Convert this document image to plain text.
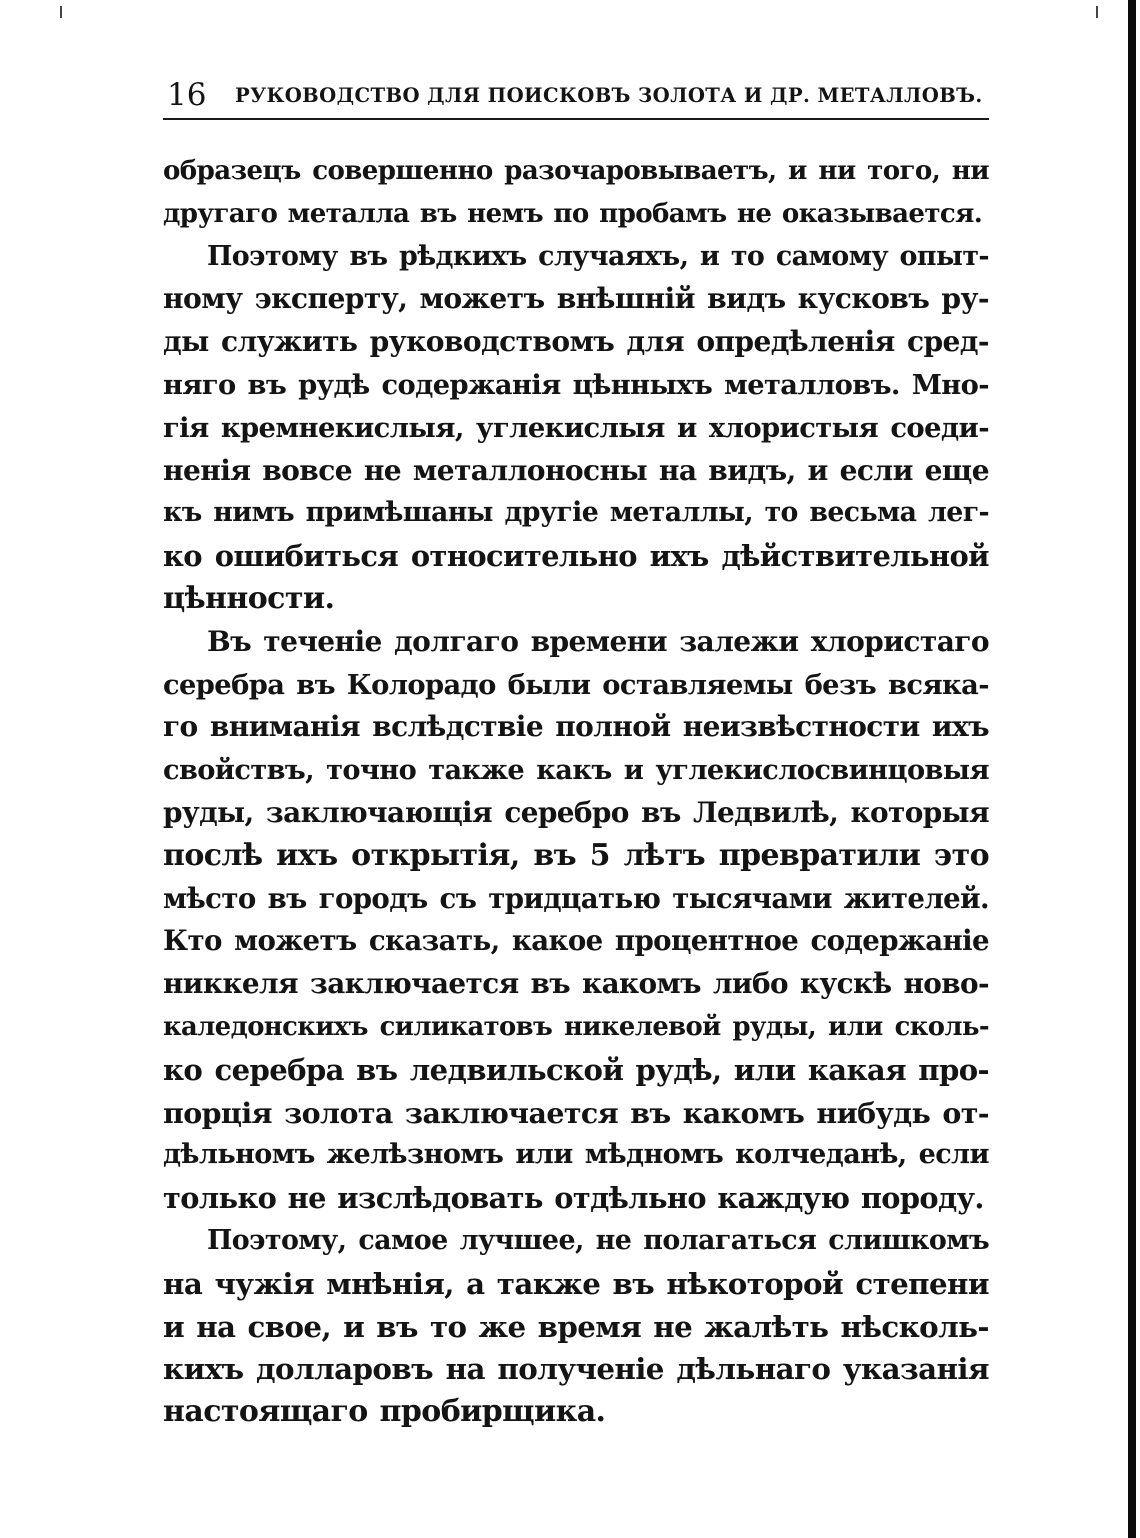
16 РУКОВОДСТВО ДЛЯ ПОИСКОВЪ ЗОЛОТА И ДР. МЕТАЛЛОВЪ.
образецъ совершенно разочаровываетъ, и ни того, ни
другаго металла въ немъ по пробамъ не оказывается.
Поэтому въ рѣдкихъ случаяхъ, и то самому опыт-
ному эксперту, можетъ внѣшній видъ кусковъ ру-
ды служить руководствомъ для опредѣленія сред-
няго въ рудѣ содержанія цѣнныхъ металловъ. Мно-
гія кремнекислыя, углекислыя и хлористыя соеди-
ненія вовсе не металлоносны на видъ, и если еще
къ нимъ примѣшаны другіе металлы, то весьма лег-
ко ошибиться относительно ихъ дѣйствительной
цѣнности.
Въ теченіе долгаго времени залежи хлористаго
серебра въ Колорадо были оставляемы безъ всяка-
го вниманія вслѣдствіе полной неизвѣстности ихъ
свойствъ, точно также какъ и углекислосвинцовыя
руды, заключающія серебро въ Ледвилѣ, которыя
послѣ ихъ открытія, въ 5 лѣтъ превратили это
мѣсто въ городъ съ тридцатью тысячами жителей.
Кто можетъ сказать, какое процентное содержаніе
никкеля заключается въ какомъ либо кускѣ ново-
каледонскихъ силикатовъ никелевой руды, или сколь-
ко серебра въ ледвильской рудѣ, или какая про-
порція золота заключается въ какомъ нибудь от-
дѣльномъ желѣзномъ или мѣдномъ колчеданѣ, если
только не изслѣдовать отдѣльно каждую породу.
Поэтому, самое лучшее, не полагаться слишкомъ
на чужія мнѣнія, а также въ нѣкоторой степени
и на свое, и въ то же время не жалѣть нѣсколь-
кихъ долларовъ на полученіе дѣльнаго указанія
настоящаго пробирщика.
